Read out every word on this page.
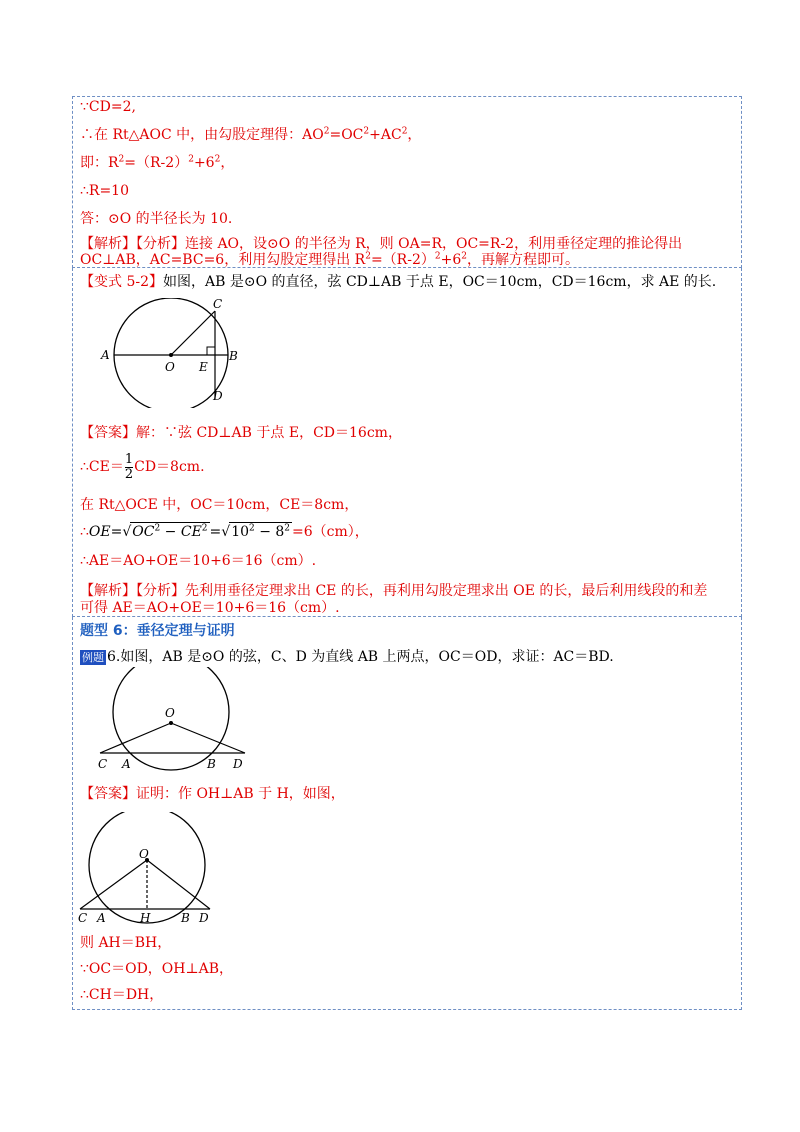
∵CD=2,
∴在 Rt△AOC 中，由勾股定理得：$AO^2=OC^2+AC^2$，
即：$R^2=(R-2)^2+6^2$，
∴R=10
答：⊙O 的半径长为 10.
【解析】【分析】连接 AO，设⊙O 的半径为 R，则 OA=R，OC=R-2，利用垂径定理的推论得出
OC⊥AB，AC=BC=6，利用勾股定理得出 $R^2=(R-2)^2+6^2$，再解方程即可。
【变式 5-2】如图，AB 是⊙O 的直径，弦 CD⊥AB 于点 E，OC＝10cm，CD＝16cm，求 AE 的长.
A
O E
B
C
D
【答案】解：∵弦 CD⊥AB 于点 E，CD＝16cm，
∴CE＝ $\frac{1}{2} CD=8cm$.
在 Rt△OCE 中，OC＝10cm，CE＝8cm，
$\therefore OE=√OC^2 - CE^2 =√10^2 - 8^2 =6(cm)$，
∴AE＝AO+OE＝10+6＝16（cm）.
【解析】【分析】先利用垂径定理求出 CE 的长，再利用勾股定理求出 OE 的长，最后利用线段的和差
可得 AE＝AO+OE＝10+6＝16（cm）.
题型 6：垂径定理与证明
例题 6.如图，AB 是⊙O 的弦，C、D 为直线 AB 上两点，OC＝OD，求证：AC＝BD.
O
C A	B D
【答案】证明：作 OH⊥AB 于 H，如图，
O
C A	H	B D
则 AH＝BH，
∵OC＝OD，OH⊥AB，
∴CH＝DH，
